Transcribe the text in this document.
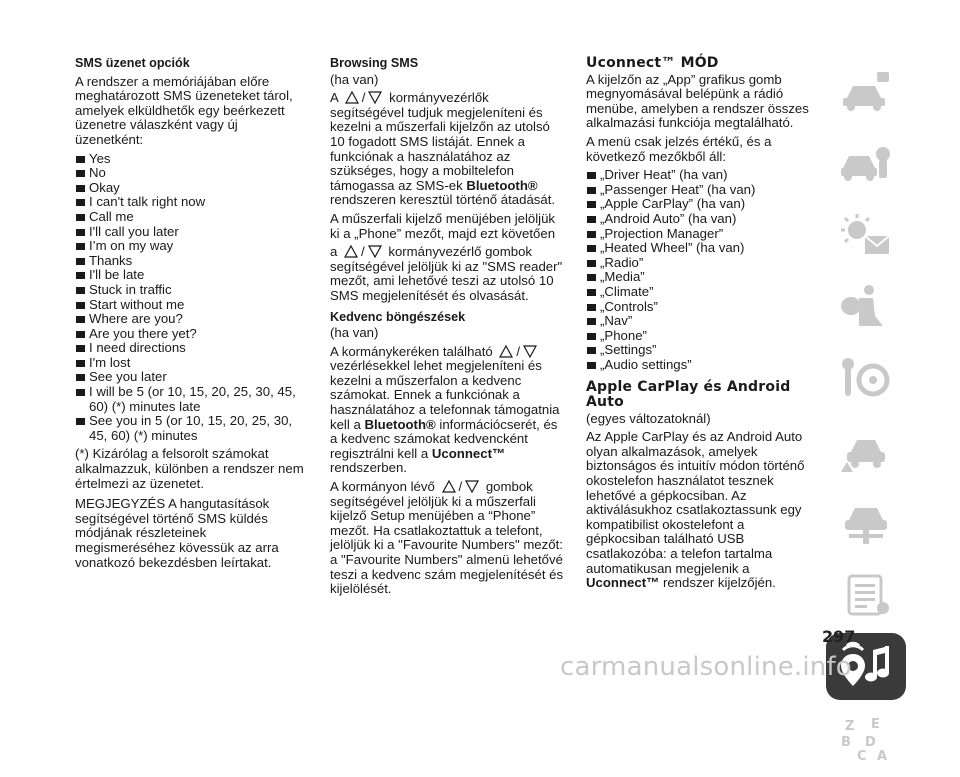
SMS üzenet opciók

A rendszer a memóriájában előre meghatározott SMS üzeneteket tárol, amelyek elküldhetők egy beérkezett üzenetre válaszként vagy új üzenetként:

Yes
No
Okay
I can't talk right now
Call me
I'll call you later
I’m on my way
Thanks
I'll be late
Stuck in traffic
Start without me
Where are you?
Are you there yet?
I need directions
I'm lost
See you later
I will be 5 (or 10, 15, 20, 25, 30, 45, 60) (*) minutes late
See you in 5 (or 10, 15, 20, 25, 30, 45, 60) (*) minutes

(*) Kizárólag a felsorolt számokat alkalmazzuk, különben a rendszer nem értelmezi az üzenetet.

MEGJEGYZÉS A hangutasítások segítségével történő SMS küldés módjának részleteinek megismeréséhez kövessük az arra vonatkozó bekezdésben leírtakat.

Browsing SMS

(ha van)

A / kormányvezérlők segítségével tudjuk megjeleníteni és kezelni a műszerfali kijelzőn az utolsó 10 fogadott SMS listáját. Ennek a funkciónak a használatához az szükséges, hogy a mobiltelefon támogassa az SMS-ek Bluetooth® rendszeren keresztül történő átadását.

A műszerfali kijelző menüjében jelöljük ki a „Phone” mezőt, majd ezt követően

a / kormányvezérlő gombok segítségével jelöljük ki az "SMS reader" mezőt, ami lehetővé teszi az utolsó 10 SMS megjelenítését és olvasását.

Kedvenc böngészések

(ha van)

A kormánykeréken található / vezérlésekkel lehet megjeleníteni és kezelni a műszerfalon a kedvenc számokat. Ennek a funkciónak a használatához a telefonnak támogatnia kell a Bluetooth® információcserét, és a kedvenc számokat kedvencként regisztrálni kell a Uconnect™ rendszerben.

A kormányon lévő / gombok segítségével jelöljük ki a műszerfali kijelző Setup menüjében a “Phone” mezőt. Ha csatlakoztattuk a telefont, jelöljük ki a "Favourite Numbers" mezőt: a "Favourite Numbers" almenü lehetővé teszi a kedvenc szám megjelenítését és kijelölését.

Uconnect™ MÓD

A kijelzőn az „App” grafikus gomb megnyomásával belépünk a rádió menübe, amelyben a rendszer összes alkalmazási funkciója megtalálható.

A menü csak jelzés értékű, és a következő mezőkből áll:

„Driver Heat” (ha van)
„Passenger Heat” (ha van)
„Apple CarPlay” (ha van)
„Android Auto” (ha van)
„Projection Manager”
„Heated Wheel” (ha van)
„Radio”
„Media”
„Climate”
„Controls”
„Nav”
„Phone”
„Settings”
„Audio settings”
Apple CarPlay és Android Auto

(egyes változatoknál)

Az Apple CarPlay és az Android Auto olyan alkalmazások, amelyek biztonságos és intuitív módon történő okostelefon használatot tesznek lehetővé a gépkocsiban. Az aktiválásukhoz csatlakoztassunk egy kompatibilist okostelefont a gépkocsiban található USB csatlakozóba: a telefon tartalma automatikusan megjelenik a Uconnect™ rendszer kijelzőjén.

Z E
B D
C A
297
carmanualsonline.info
